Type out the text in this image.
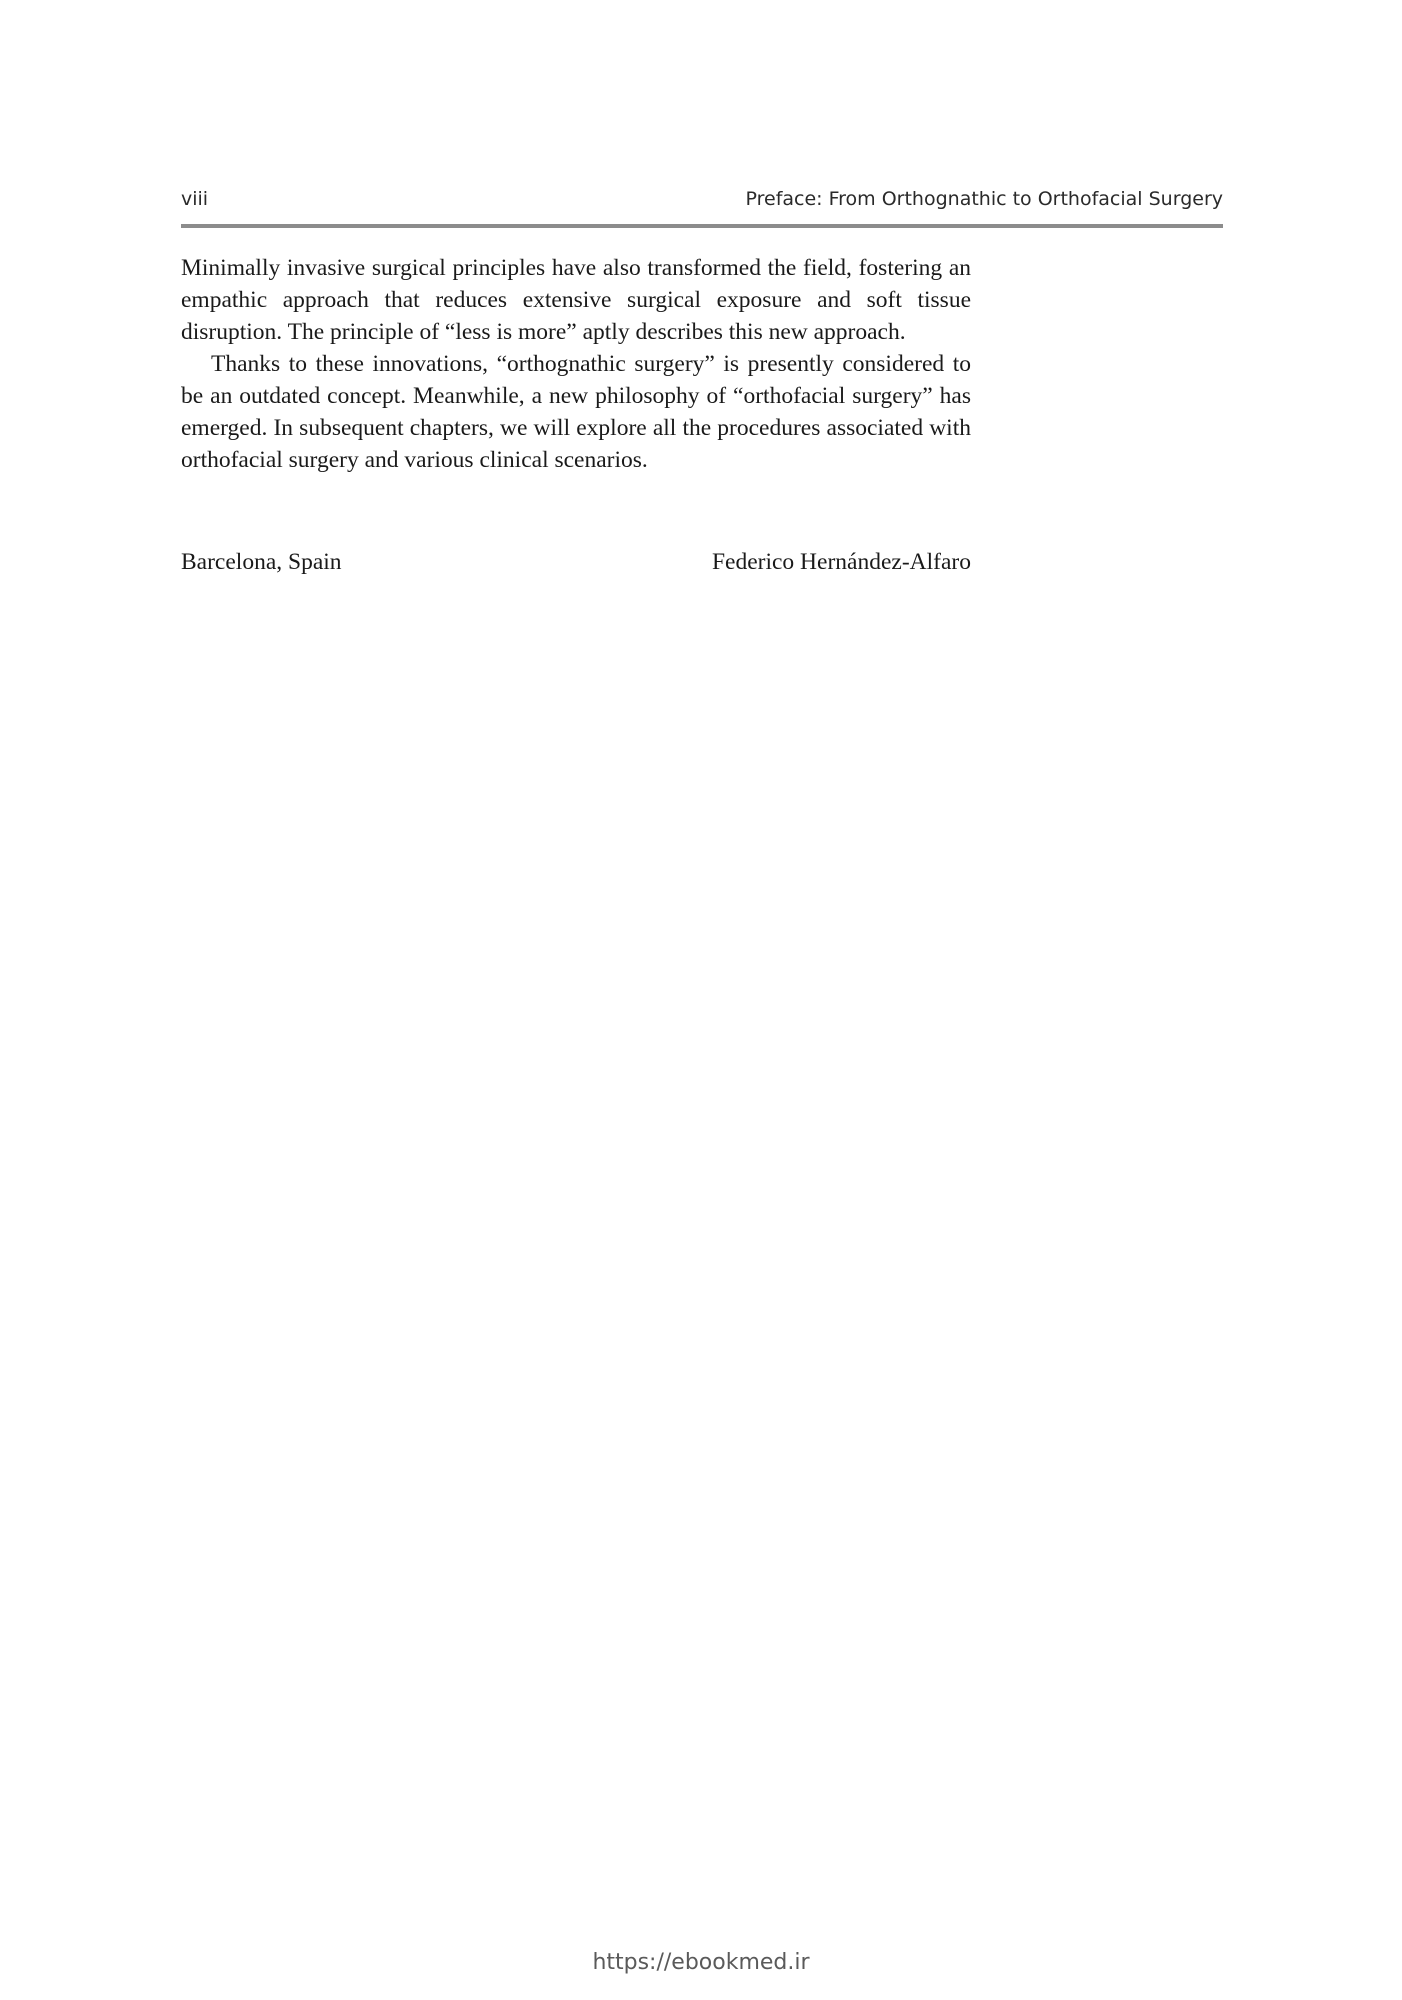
viii	Preface: From Orthognathic to Orthofacial Surgery

Minimally invasive surgical principles have also transformed the field, fostering an empathic approach that reduces extensive surgical exposure and soft tissue disruption. The principle of “less is more” aptly describes this new approach.

Thanks to these innovations, “orthognathic surgery” is presently considered to be an outdated concept. Meanwhile, a new philosophy of “orthofacial surgery” has emerged. In subsequent chapters, we will explore all the procedures associated with orthofacial surgery and various clinical scenarios.

Barcelona, Spain	Federico Hernández-Alfaro
https://ebookmed.ir
